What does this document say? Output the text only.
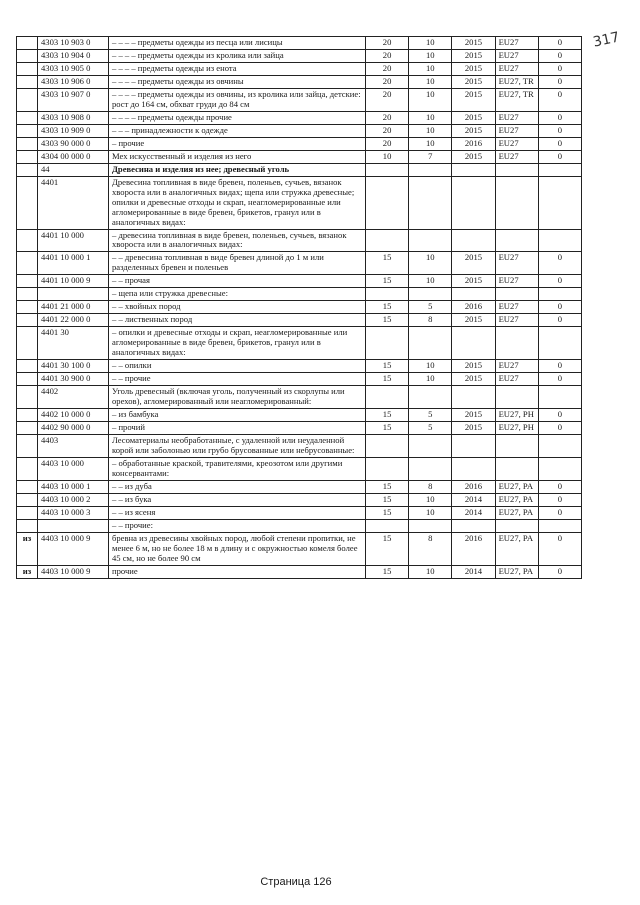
317
	4303 10 903 0	– – – – предметы одежды из песца или лисицы	20	10	2015	EU27	0
	4303 10 904 0	– – – – предметы одежды из кролика или зайца	20	10	2015	EU27	0
	4303 10 905 0	– – – – предметы одежды из енота	20	10	2015	EU27	0
	4303 10 906 0	– – – – предметы одежды из овчины	20	10	2015	EU27, TR	0
	4303 10 907 0	– – – – предметы одежды из овчины, из кролика или зайца, детские: рост до 164 см, обхват груди до 84 см	20	10	2015	EU27, TR	0
	4303 10 908 0	– – – – предметы одежды прочие	20	10	2015	EU27	0
	4303 10 909 0	– – – принадлежности к одежде	20	10	2015	EU27	0
	4303 90 000 0	– прочие	20	10	2016	EU27	0
	4304 00 000 0	Мех искусственный и изделия из него	10	7	2015	EU27	0
	44	Древесина и изделия из нее; древесный уголь					
	4401	Древесина топливная в виде бревен, поленьев, сучьев, вязанок хвороста или в аналогичных видах; щепа или стружка древесные; опилки и древесные отходы и скрап, неагломерированные или агломерированные в виде бревен, брикетов, гранул или в аналогичных видах:					
	4401 10 000	– древесина топливная в виде бревен, поленьев, сучьев, вязанок хвороста или в аналогичных видах:					
	4401 10 000 1	– – древесина топливная в виде бревен длиной до 1 м или разделенных бревен и поленьев	15	10	2015	EU27	0
	4401 10 000 9	– – прочая	15	10	2015	EU27	0
		– щепа или стружка древесные:					
	4401 21 000 0	– – хвойных пород	15	5	2016	EU27	0
	4401 22 000 0	– – лиственных пород	15	8	2015	EU27	0
	4401 30	– опилки и древесные отходы и скрап, неагломерированные или агломерированные в виде бревен, брикетов, гранул или в аналогичных видах:					
	4401 30 100 0	– – опилки	15	10	2015	EU27	0
	4401 30 900 0	– – прочие	15	10	2015	EU27	0
	4402	Уголь древесный (включая уголь, полученный из скорлупы или орехов), агломерированный или неагломерированный:					
	4402 10 000 0	– из бамбука	15	5	2015	EU27, PH	0
	4402 90 000 0	– прочий	15	5	2015	EU27, PH	0
	4403	Лесоматериалы необработанные, с удаленной или неудаленной корой или заболонью или грубо брусованные или небрусованные:					
	4403 10 000	– обработанные краской, травителями, креозотом или другими консервантами:					
	4403 10 000 1	– – из дуба	15	8	2016	EU27, PA	0
	4403 10 000 2	– – из бука	15	10	2014	EU27, PA	0
	4403 10 000 3	– – из ясеня	15	10	2014	EU27, PA	0
		– – прочие:					
из	4403 10 000 9	бревна из древесины хвойных пород, любой степени пропитки, не менее 6 м, но не более 18 м в длину и с окружностью комеля более 45 см, но не более 90 см	15	8	2016	EU27, PA	0
из	4403 10 000 9	прочие	15	10	2014	EU27, PA	0
Страница 126
